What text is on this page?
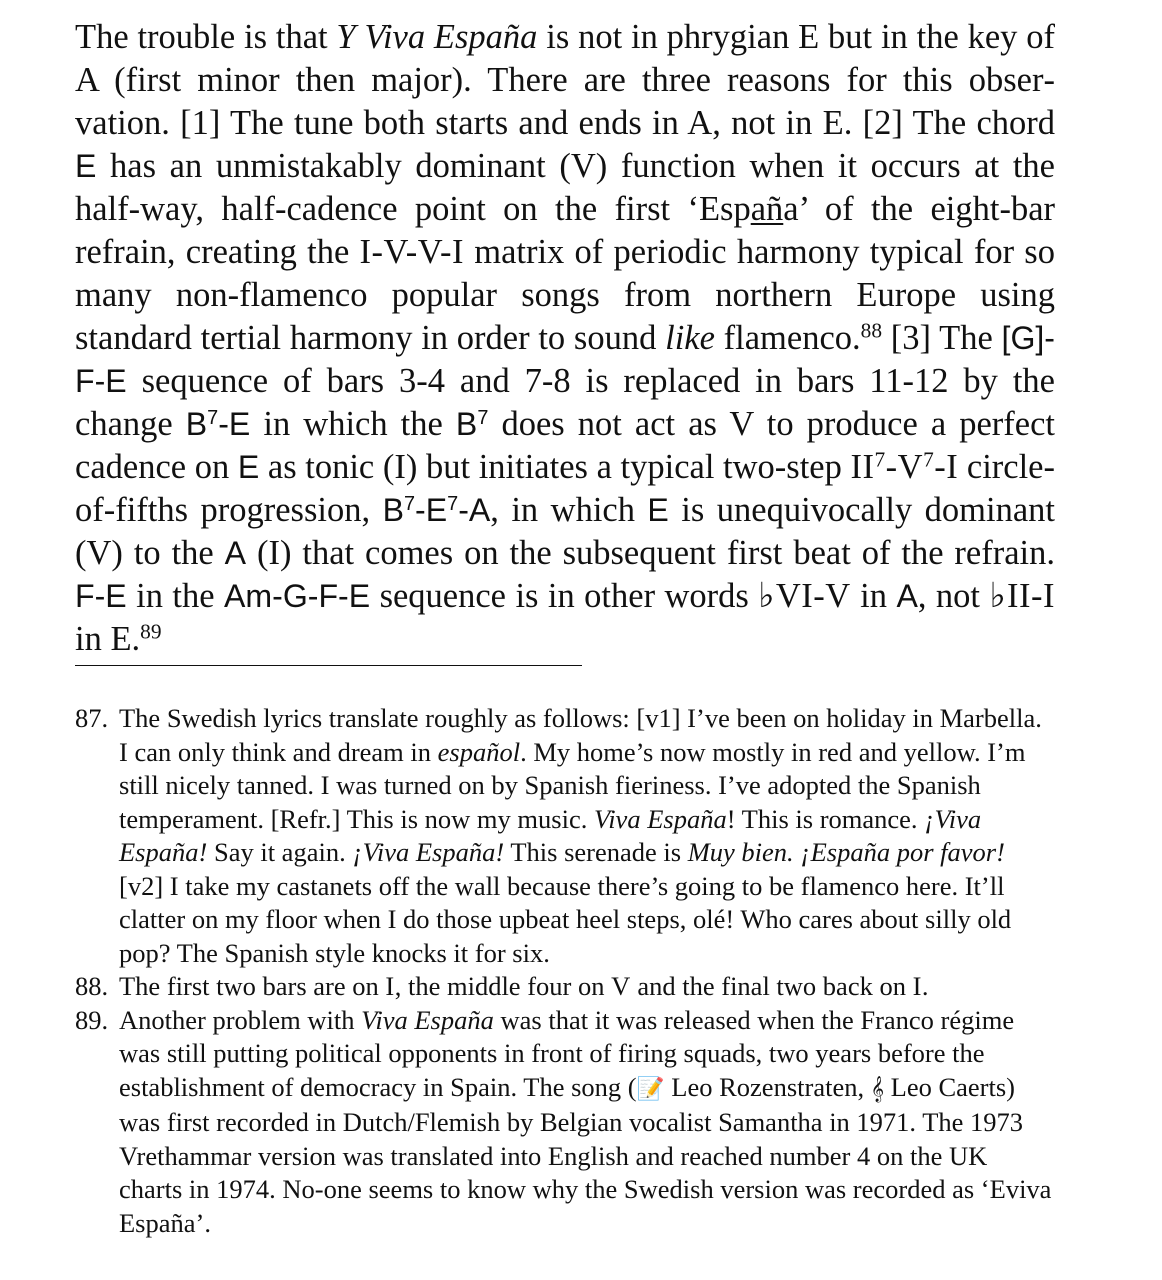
The trouble is that Y Viva España is not in phrygian E but in the key of A (first minor then major). There are three reasons for this observation. [1] The tune both starts and ends in A, not in E. [2] The chord E has an unmistakably dominant (V) function when it occurs at the half-way, half-cadence point on the first ‘España’ of the eight-bar refrain, creating the I-V-V-I matrix of periodic harmony typical for so many non-flamenco popular songs from northern Europe using standard tertial harmony in order to sound like flamenco.$^{88}$ [3] The [G]-F-E sequence of bars 3-4 and 7-8 is replaced in bars 11-12 by the change $B^7-E$ in which the $B^7$ does not act as V to produce a perfect cadence on E as tonic (I) but initiates a typical two-step $II^7-V^7-I$ circle-of-fifths progression, $B^7-E^7-A$, in which E is unequivocally dominant (V) to the A (I) that comes on the subsequent first beat of the refrain. F-E in the Am-G-F-E sequence is in other words ♭VI-V in A, not ♭II-I in E.$^{89}$

87. The Swedish lyrics translate roughly as follows: [v1] I’ve been on holiday in Marbella. I can only think and dream in español. My home’s now mostly in red and yellow. I’m still nicely tanned. I was turned on by Spanish fieriness. I’ve adopted the Spanish temperament. [Refr.] This is now my music. Viva España! This is romance. ¡Viva España! Say it again. ¡Viva España! This serenade is Muy bien. ¡España por favor! [v2] I take my castanets off the wall because there’s going to be flamenco here. It’ll clatter on my floor when I do those upbeat heel steps, olé! Who cares about silly old pop? The Spanish style knocks it for six.
88. The first two bars are on I, the middle four on V and the final two back on I.
89. Another problem with Viva España was that it was released when the Franco régime was still putting political opponents in front of firing squads, two years before the establishment of democracy in Spain. The song (📝 Leo Rozenstraten, 𝄞 Leo Caerts) was first recorded in Dutch/Flemish by Belgian vocalist Samantha in 1971. The 1973 Vrethammar version was translated into English and reached number 4 on the UK charts in 1974. No-one seems to know why the Swedish version was recorded as ‘Eviva España’.
